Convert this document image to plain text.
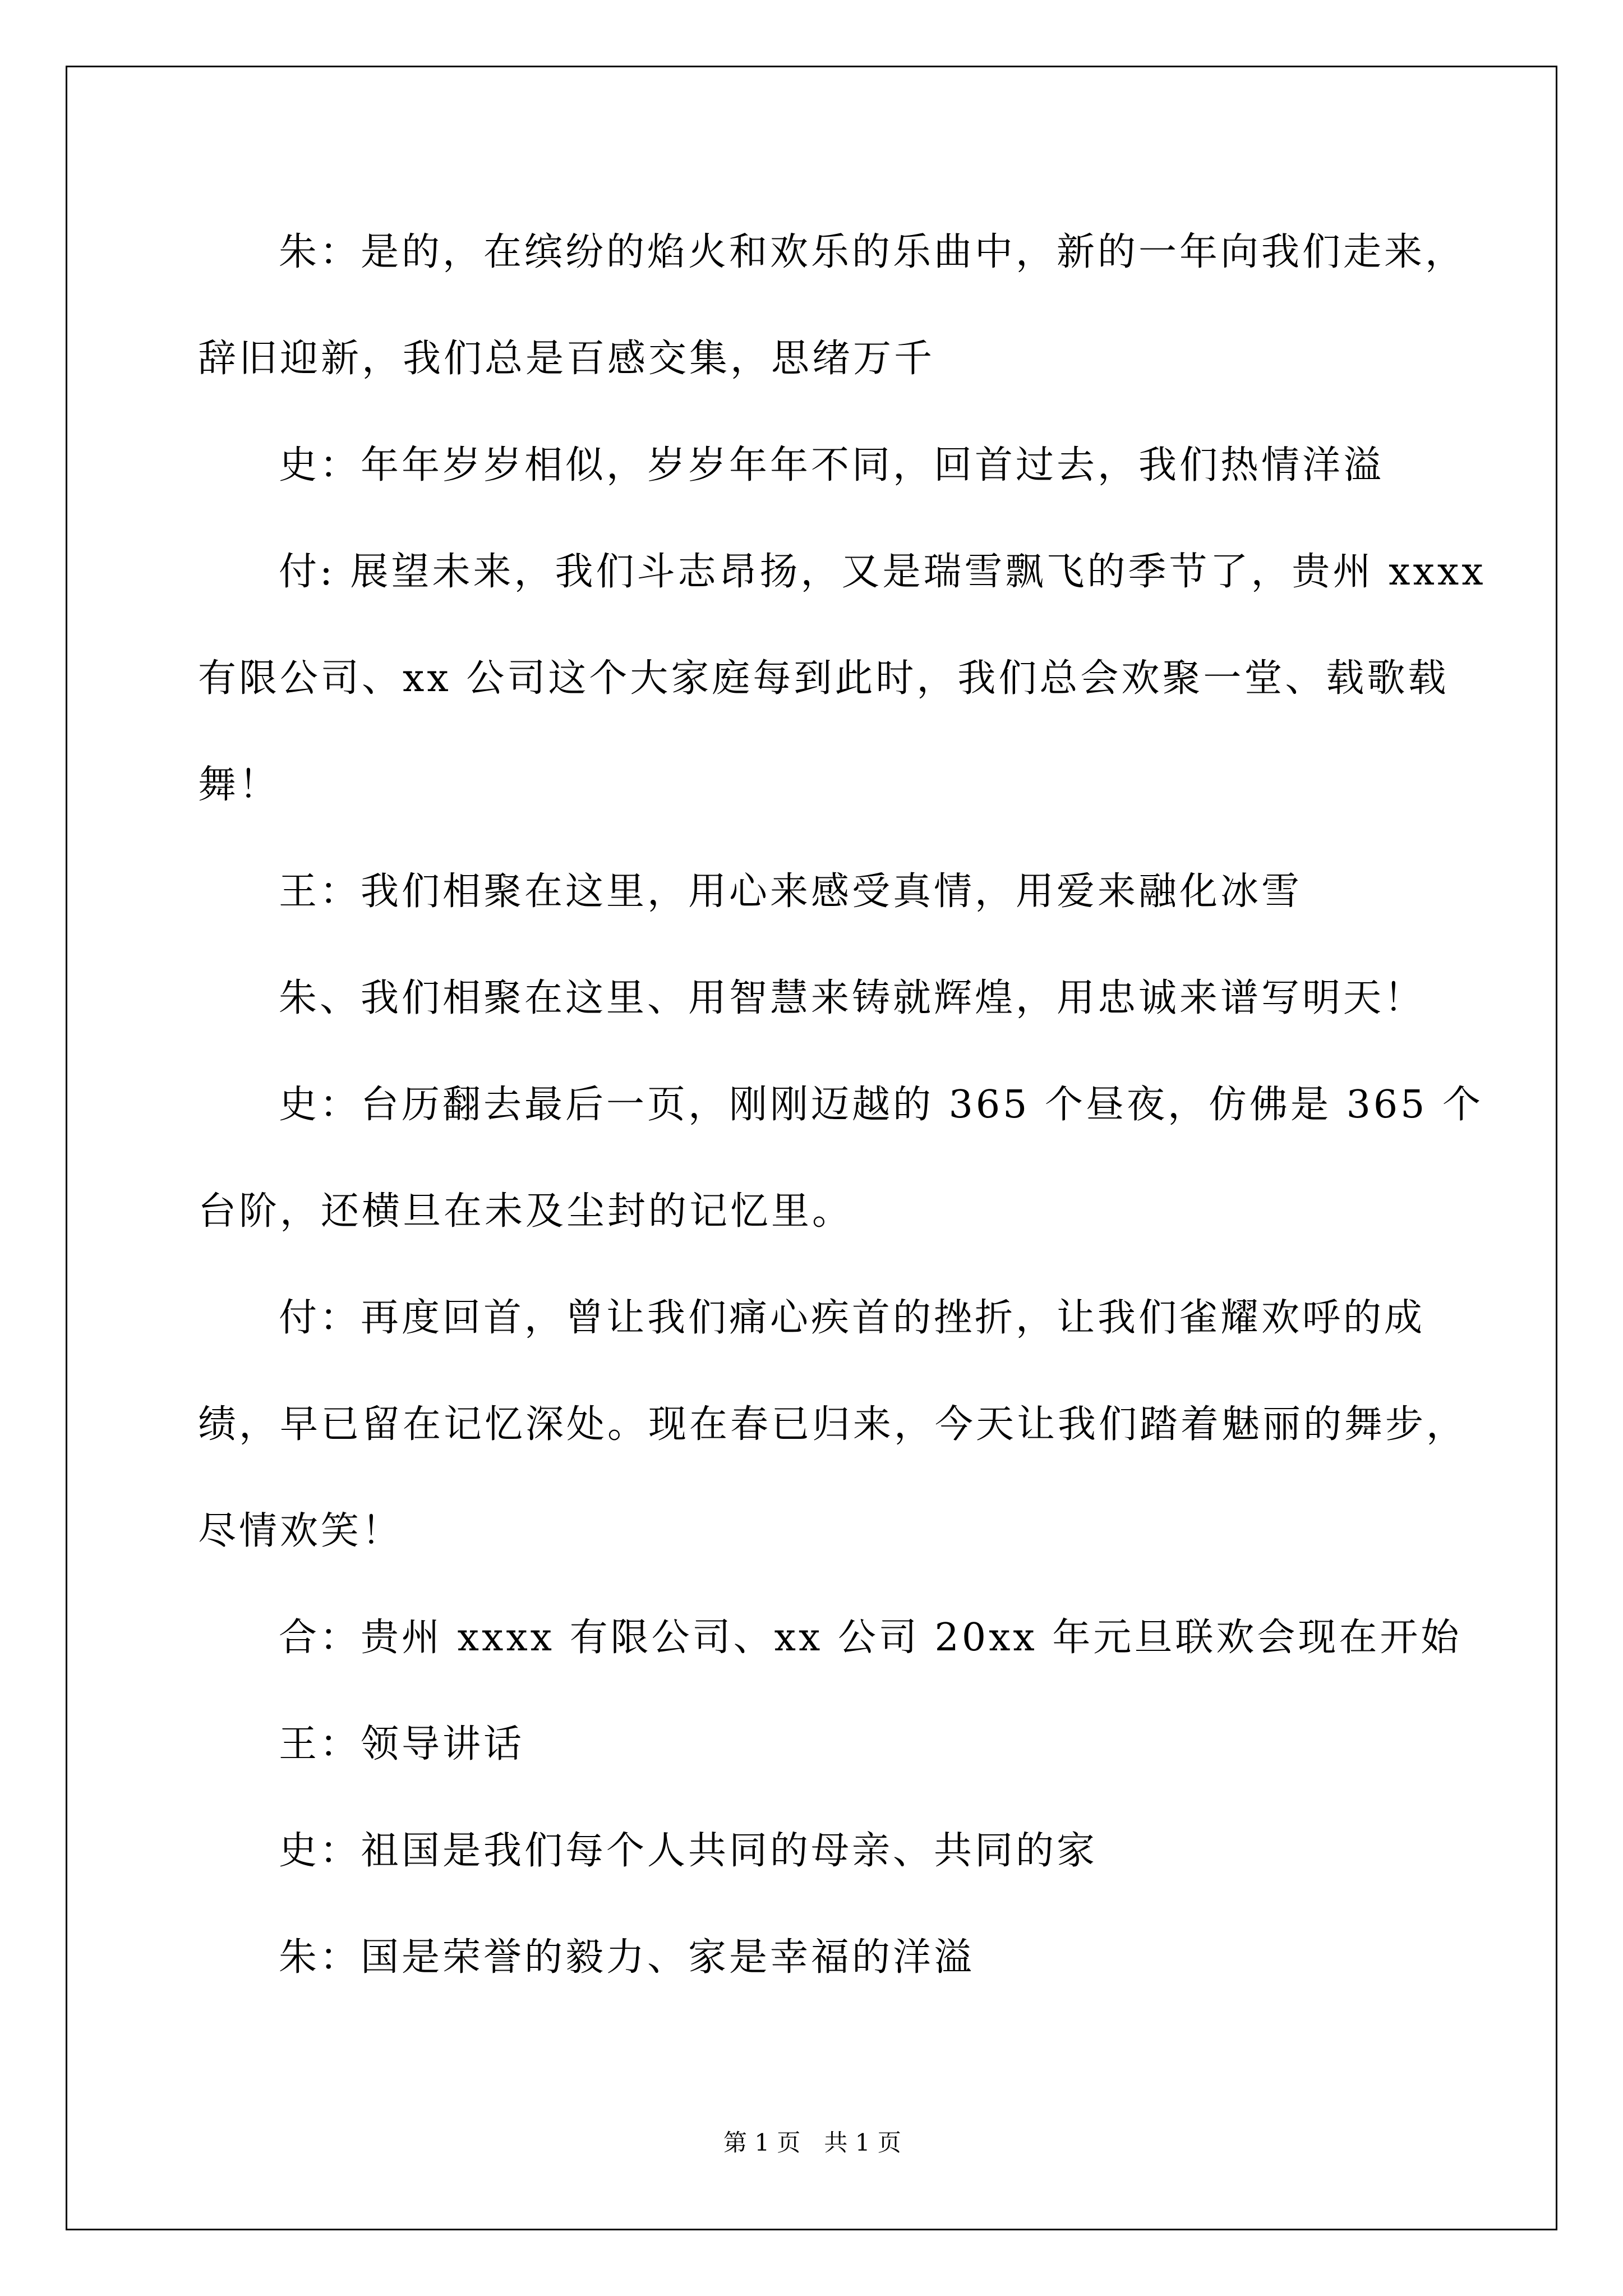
朱：是的，在缤纷的焰火和欢乐的乐曲中，新的一年向我们走来，
辞旧迎新，我们总是百感交集，思绪万千
史：年年岁岁相似，岁岁年年不同，回首过去，我们热情洋溢
付: 展望未来，我们斗志昂扬，又是瑞雪飘飞的季节了，贵州 xxxx
有限公司、xx 公司这个大家庭每到此时，我们总会欢聚一堂、载歌载
舞！
王：我们相聚在这里，用心来感受真情，用爱来融化冰雪
朱、我们相聚在这里、用智慧来铸就辉煌，用忠诚来谱写明天！
史：台历翻去最后一页，刚刚迈越的 365 个昼夜，仿佛是 365 个
台阶，还横旦在未及尘封的记忆里。
付：再度回首，曾让我们痛心疾首的挫折，让我们雀耀欢呼的成
绩，早已留在记忆深处。现在春已归来，今天让我们踏着魅丽的舞步，
尽情欢笑！
合：贵州 xxxx 有限公司、xx 公司 20xx 年元旦联欢会现在开始
王：领导讲话
史：祖国是我们每个人共同的母亲、共同的家
朱：国是荣誉的毅力、家是幸福的洋溢
第 1 页　共 1 页
